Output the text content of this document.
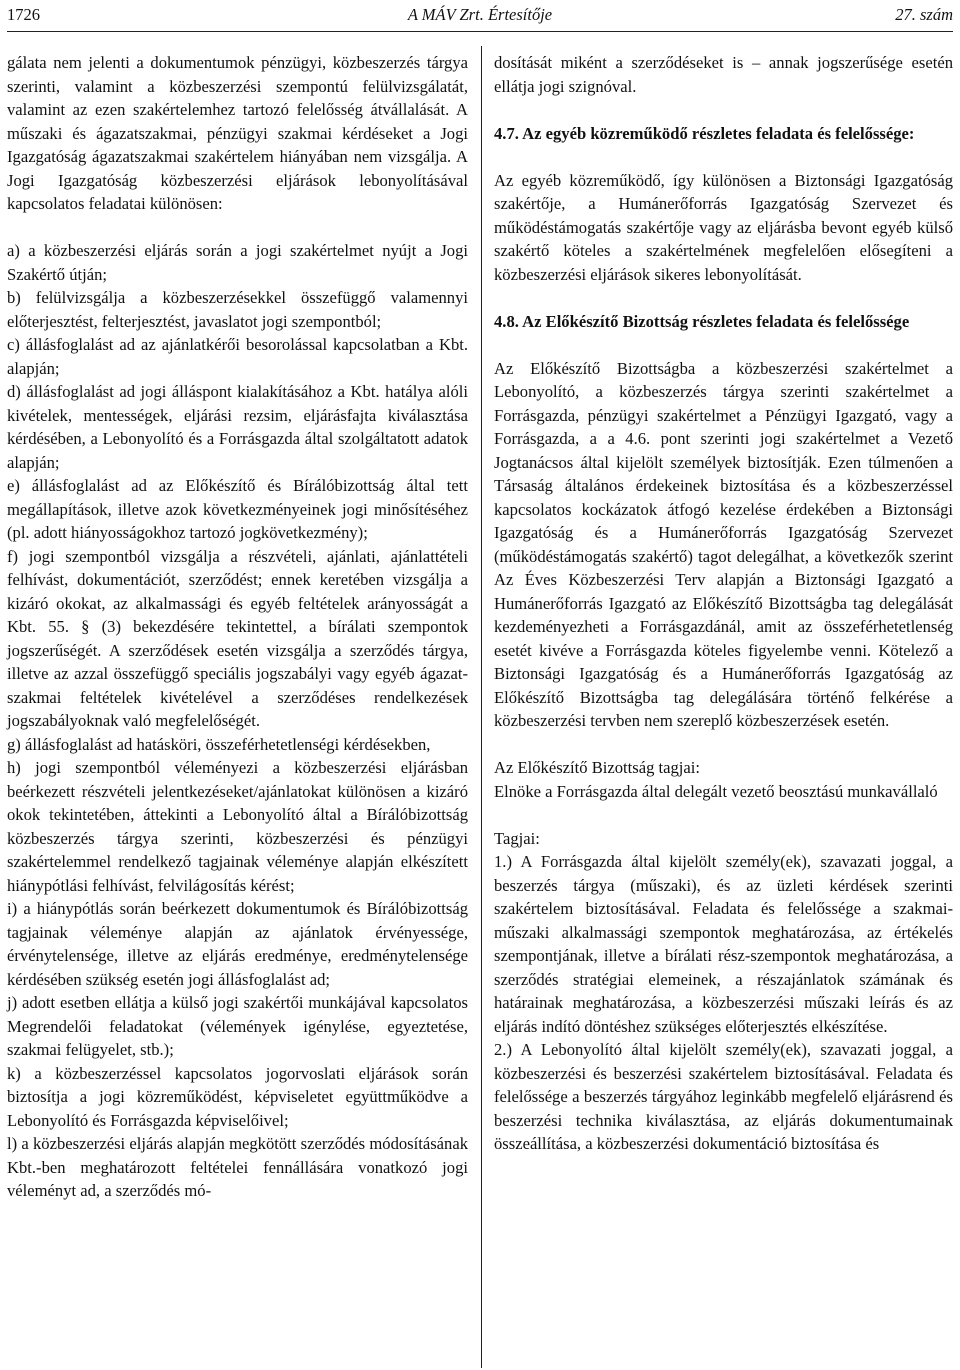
1726	A MÁV Zrt. Értesítője	27. szám

gálata nem jelenti a dokumentumok pénzügyi, közbeszerzés tárgya szerinti, valamint a közbeszerzési szempontú felülvizsgálatát, valamint az ezen szakértelemhez tartozó felelősség átvállalását. A műszaki és ágazatszakmai, pénzügyi szakmai kérdéseket a Jogi Igazgatóság ágazatszakmai szakértelem hiányában nem vizsgálja. A Jogi Igazgatóság közbeszerzési eljárások lebonyolításával kapcsolatos feladatai különösen:

a) a közbeszerzési eljárás során a jogi szakértelmet nyújt a Jogi Szakértő útján;

b) felülvizsgálja a közbeszerzésekkel összefüggő valamennyi előterjesztést, felterjesztést, javaslatot jogi szempontból;

c) állásfoglalást ad az ajánlatkérői besorolással kapcsolatban a Kbt. alapján;

d) állásfoglalást ad jogi álláspont kialakításához a Kbt. hatálya alóli kivételek, mentességek, eljárási rezsim, eljárásfajta kiválasztása kérdésében, a Lebonyolító és a Forrásgazda által szolgáltatott adatok alapján;

e) állásfoglalást ad az Előkészítő és Bírálóbizottság által tett megállapítások, illetve azok következményeinek jogi minősítéséhez (pl. adott hiányosságokhoz tartozó jogkövetkezmény);

f) jogi szempontból vizsgálja a részvételi, ajánlati, ajánlattételi felhívást, dokumentációt, szerződést; ennek keretében vizsgálja a kizáró okokat, az alkalmassági és egyéb feltételek arányosságát a Kbt. 55. § (3) bekezdésére tekintettel, a bírálati szempontok jogszerűségét. A szerződések esetén vizsgálja a szerződés tárgya, illetve az azzal összefüggő speciális jogszabályi vagy egyéb ágazat-szakmai feltételek kivételével a szerződéses rendelkezések jogszabályoknak való megfelelőségét.

g) állásfoglalást ad hatásköri, összeférhetetlenségi kérdésekben,

h) jogi szempontból véleményezi a közbeszerzési eljárásban beérkezett részvételi jelentkezéseket/ajánlatokat különösen a kizáró okok tekintetében, áttekinti a Lebonyolító által a Bírálóbizottság közbeszerzés tárgya szerinti, közbeszerzési és pénzügyi szakértelemmel rendelkező tagjainak véleménye alapján elkészített hiánypótlási felhívást, felvilágosítás kérést;

i) a hiánypótlás során beérkezett dokumentumok és Bírálóbizottság tagjainak véleménye alapján az ajánlatok érvényessége, érvénytelensége, illetve az eljárás eredménye, eredménytelensége kérdésében szükség esetén jogi állásfoglalást ad;

j) adott esetben ellátja a külső jogi szakértői munkájával kapcsolatos Megrendelői feladatokat (vélemények igénylése, egyeztetése, szakmai felügyelet, stb.);

k) a közbeszerzéssel kapcsolatos jogorvoslati eljárások során biztosítja a jogi közreműködést, képviseletet együttműködve a Lebonyolító és Forrásgazda képviselőivel;

l) a közbeszerzési eljárás alapján megkötött szerződés módosításának Kbt.-ben meghatározott feltételei fennállására vonatkozó jogi véleményt ad, a szerződés mó-

dosítását miként a szerződéseket is – annak jogszerűsége esetén ellátja jogi szignóval.

4.7. Az egyéb közreműködő részletes feladata és felelőssége:

Az egyéb közreműködő, így különösen a Biztonsági Igazgatóság szakértője, a Humánerőforrás Igazgatóság Szervezet és működéstámogatás szakértője vagy az eljárásba bevont egyéb külső szakértő köteles a szakértelmének megfelelően elősegíteni a közbeszerzési eljárások sikeres lebonyolítását.

4.8. Az Előkészítő Bizottság részletes feladata és felelőssége

Az Előkészítő Bizottságba a közbeszerzési szakértelmet a Lebonyolító, a közbeszerzés tárgya szerinti szakértelmet a Forrásgazda, pénzügyi szakértelmet a Pénzügyi Igazgató, vagy a Forrásgazda, a a 4.6. pont szerinti jogi szakértelmet a Vezető Jogtanácsos által kijelölt személyek biztosítják. Ezen túlmenően a Társaság általános érdekeinek biztosítása és a közbeszerzéssel kapcsolatos kockázatok átfogó kezelése érdekében a Biztonsági Igazgatóság és a Humánerőforrás Igazgatóság Szervezet (működéstámogatás szakértő) tagot delegálhat, a következők szerint Az Éves Közbeszerzési Terv alapján a Biztonsági Igazgató a Humánerőforrás Igazgató az Előkészítő Bizottságba tag delegálását kezdeményezheti a Forrásgazdánál, amit az összeférhetetlenség esetét kivéve a Forrásgazda köteles figyelembe venni. Kötelező a Biztonsági Igazgatóság és a Humánerőforrás Igazgatóság az Előkészítő Bizottságba tag delegálására történő felkérése a közbeszerzési tervben nem szereplő közbeszerzések esetén.

Az Előkészítő Bizottság tagjai:

Elnöke a Forrásgazda által delegált vezető beosztású munkavállaló

Tagjai:

1.) A Forrásgazda által kijelölt személy(ek), szavazati joggal, a beszerzés tárgya (műszaki), és az üzleti kérdések szerinti szakértelem biztosításával. Feladata és felelőssége a szakmai-műszaki alkalmassági szempontok meghatározása, az értékelés szempontjának, illetve a bírálati rész-szempontok meghatározása, a szerződés stratégiai elemeinek, a részajánlatok számának és határainak meghatározása, a közbeszerzési műszaki leírás és az eljárás indító döntéshez szükséges előterjesztés elkészítése.

2.) A Lebonyolító által kijelölt személy(ek), szavazati joggal, a közbeszerzési és beszerzési szakértelem biztosításával. Feladata és felelőssége a beszerzés tárgyához leginkább megfelelő eljárásrend és beszerzési technika kiválasztása, az eljárás dokumentumainak összeállítása, a közbeszerzési dokumentáció biztosítása és
